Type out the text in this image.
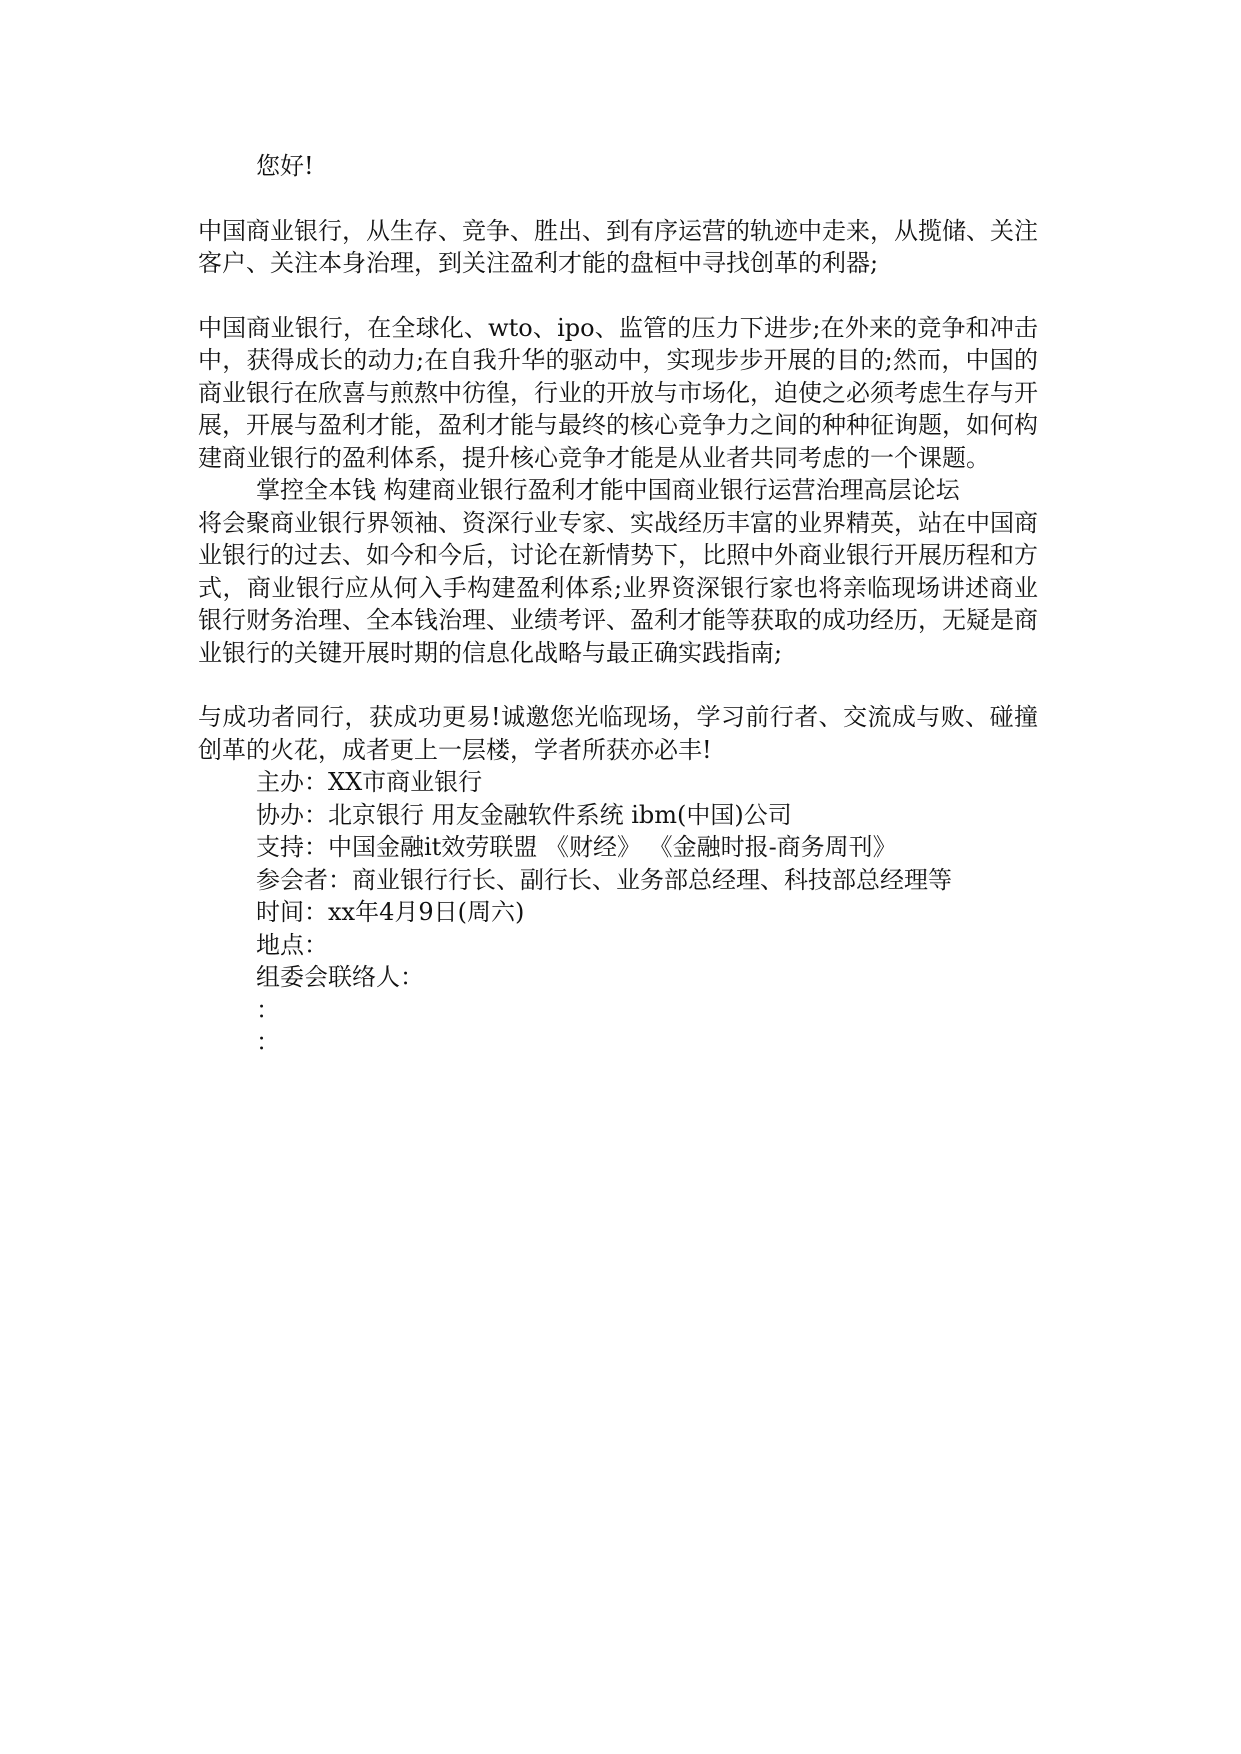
您好!

中国商业银行，从生存、竞争、胜出、到有序运营的轨迹中走来，从揽储、关注客户、关注本身治理，到关注盈利才能的盘桓中寻找创革的利器;

中国商业银行，在全球化、wto、ipo、监管的压力下进步;在外来的竞争和冲击中，获得成长的动力;在自我升华的驱动中，实现步步开展的目的;然而，中国的商业银行在欣喜与煎熬中彷徨，行业的开放与市场化，迫使之必须考虑生存与开展，开展与盈利才能，盈利才能与最终的核心竞争力之间的种种征询题，如何构建商业银行的盈利体系，提升核心竞争才能是从业者共同考虑的一个课题。

掌控全本钱 构建商业银行盈利才能中国商业银行运营治理高层论坛

将会聚商业银行界领袖、资深行业专家、实战经历丰富的业界精英，站在中国商业银行的过去、如今和今后，讨论在新情势下，比照中外商业银行开展历程和方式，商业银行应从何入手构建盈利体系;业界资深银行家也将亲临现场讲述商业银行财务治理、全本钱治理、业绩考评、盈利才能等获取的成功经历，无疑是商业银行的关键开展时期的信息化战略与最正确实践指南;

与成功者同行，获成功更易!诚邀您光临现场，学习前行者、交流成与败、碰撞创革的火花，成者更上一层楼，学者所获亦必丰!

主办：XX市商业银行

协办：北京银行 用友金融软件系统 ibm(中国)公司

支持：中国金融it效劳联盟 《财经》 《金融时报-商务周刊》

参会者：商业银行行长、副行长、业务部总经理、科技部总经理等

时间：xx年4月9日(周六)

地点：

组委会联络人：

：

：
